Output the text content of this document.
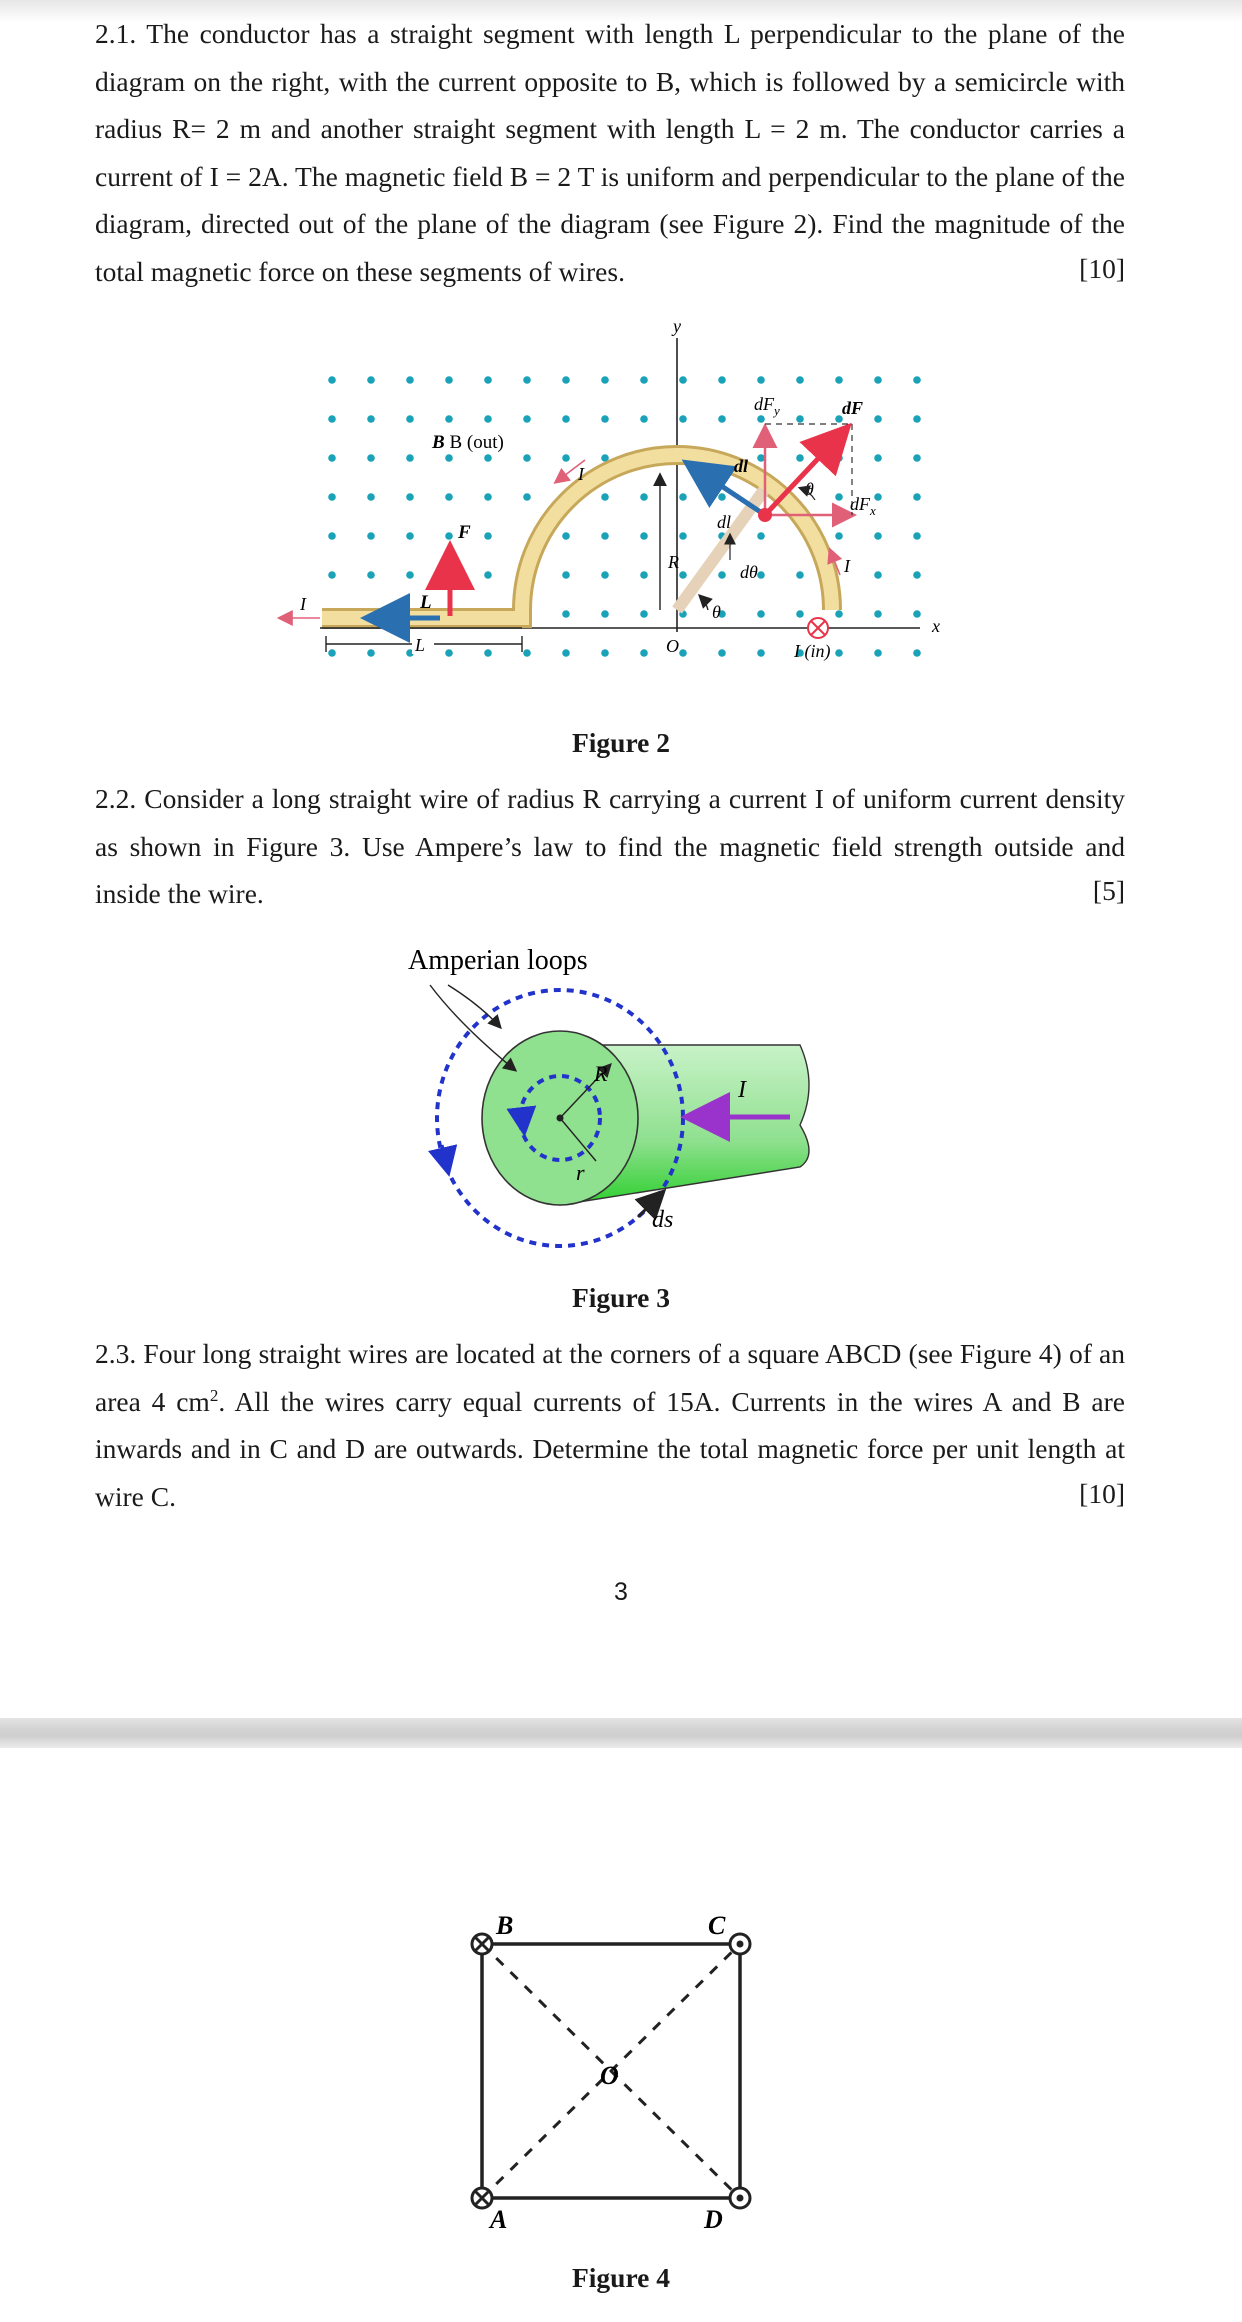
2.1. The conductor has a straight segment with length L perpendicular to the plane of the diagram on the right, with the current opposite to B, which is followed by a semicircle with radius R= 2 m and another straight segment with length L = 2 m. The conductor carries a current of I = 2A. The magnetic field B = 2 T is uniform and perpendicular to the plane of the diagram, directed out of the plane of the diagram (see Figure 2). Find the magnitude of the total magnetic force on these segments of wires.	[10]
y
x
R
O
θ
dθ
dl
L
I	L
F
B B (out)
I	dl
$dF_y$	dF
$dF_x$
θ
I
I (in)
Figure 2
2.2. Consider a long straight wire of radius R carrying a current I of uniform current density as shown in Figure 3. Use Ampere’s law to find the magnetic field strength outside and inside the wire.	[5]
Amperian loops
R
r
I
ds
Figure 3
2.3. Four long straight wires are located at the corners of a square ABCD (see Figure 4) of an area 4 $cm^2$. All the wires carry equal currents of 15A. Currents in the wires A and B are inwards and in C and D are outwards. Determine the total magnetic force per unit length at wire C.	[10]
3
B	C
A	D
O
Figure 4
